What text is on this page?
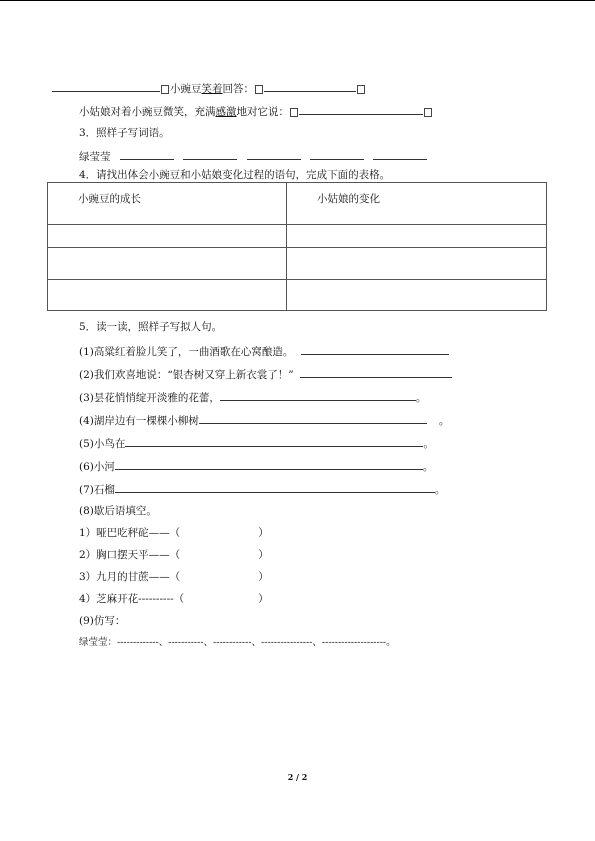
小豌豆笑着回答：
小姑娘对着小豌豆微笑，充满感激地对它说：
3．照样子写词语。
绿莹莹
4．请找出体会小豌豆和小姑娘变化过程的语句，完成下面的表格。
小豌豆的成长	小姑娘的变化

5．读一读，照样子写拟人句。
(1)高粱红着脸儿笑了，一曲酒歌在心窝酿造。
(2)我们欢喜地说：“银杏树又穿上新衣裳了！”
(3)昙花悄悄绽开淡雅的花蕾，	。
(4)湖岸边有一棵棵小柳树	。
(5)小鸟在	。
(6)小河	。
(7)石榴	。
(8)歇后语填空。
1）哑巴吃秤砣——（	）
2）胸口摆天平——（	）
3）九月的甘蔗——（	）
4）芝麻开花----------（	）
(9)仿写：
绿莹莹：-------------、-----------、------------、----------------、--------------------。
2 / 2
